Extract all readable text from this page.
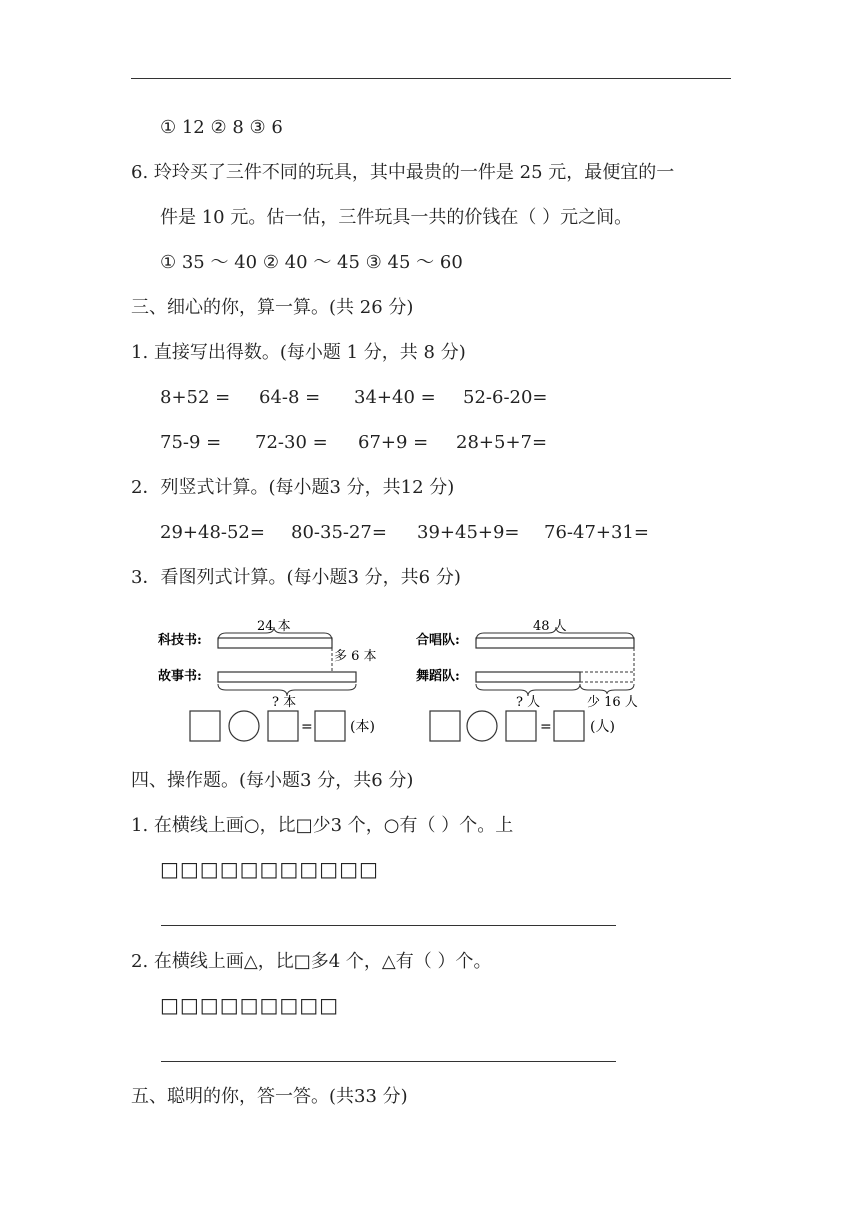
① 12 ② 8 ③ 6
6. 玲玲买了三件不同的玩具，其中最贵的一件是 25 元，最便宜的一
件是 10 元。估一估，三件玩具一共的价钱在（ ）元之间。
① 35 ～ 40 ② 40 ～ 45 ③ 45 ～ 60
三、细心的你，算一算。(共 26 分)
1. 直接写出得数。(每小题 1 分，共 8 分)
8+52 = 64-8 = 34+40 = 52-6-20=
75-9 = 72-30 = 67+9 = 28+5+7=
2．列竖式计算。(每小题3 分，共12 分)
29+48-52= 80-35-27= 39+45+9= 76-47+31=
3．看图列式计算。(每小题3 分，共6 分)
科技书:
故事书:
24 本
多 6 本
? 本
=	(本)
合唱队:
舞蹈队:
48 人
? 人	少 16 人
=	(人)
四、操作题。(每小题3 分，共6 分)
1. 在横线上画○，比□少3 个，○有（ ）个。上
□□□□□□□□□□□
2. 在横线上画△，比□多4 个，△有（ ）个。
□□□□□□□□□
五、聪明的你，答一答。(共33 分)
